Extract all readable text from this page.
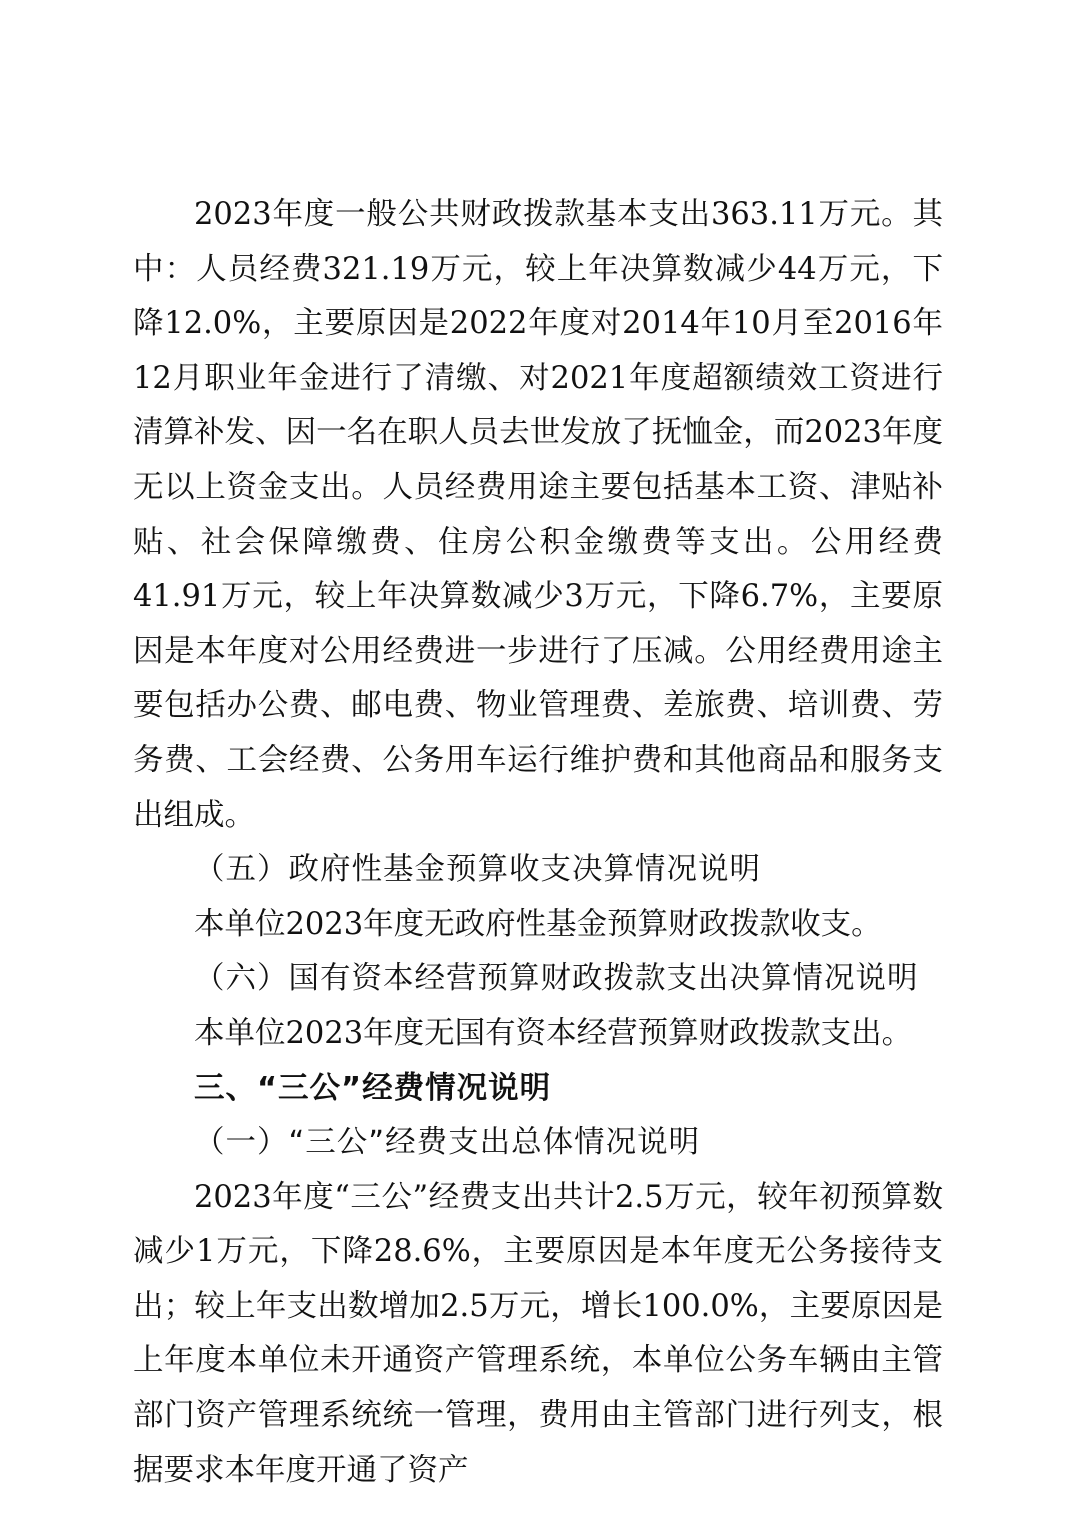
2023年度一般公共财政拨款基本支出363.11万元。其中：人员经费321.19万元，较上年决算数减少44万元，下降12.0%，主要原因是2022年度对2014年10月至2016年12月职业年金进行了清缴、对2021年度超额绩效工资进行清算补发、因一名在职人员去世发放了抚恤金，而2023年度无以上资金支出。人员经费用途主要包括基本工资、津贴补贴、社会保障缴费、住房公积金缴费等支出。公用经费41.91万元，较上年决算数减少3万元，下降6.7%，主要原因是本年度对公用经费进一步进行了压减。公用经费用途主要包括办公费、邮电费、物业管理费、差旅费、培训费、劳务费、工会经费、公务用车运行维护费和其他商品和服务支出组成。

（五）政府性基金预算收支决算情况说明

本单位2023年度无政府性基金预算财政拨款收支。

（六）国有资本经营预算财政拨款支出决算情况说明

本单位2023年度无国有资本经营预算财政拨款支出。

三、“三公”经费情况说明

（一）“三公”经费支出总体情况说明

2023年度“三公”经费支出共计2.5万元，较年初预算数减少1万元，下降28.6%，主要原因是本年度无公务接待支出；较上年支出数增加2.5万元，增长100.0%，主要原因是上年度本单位未开通资产管理系统，本单位公务车辆由主管部门资产管理系统统一管理，费用由主管部门进行列支，根据要求本年度开通了资产
